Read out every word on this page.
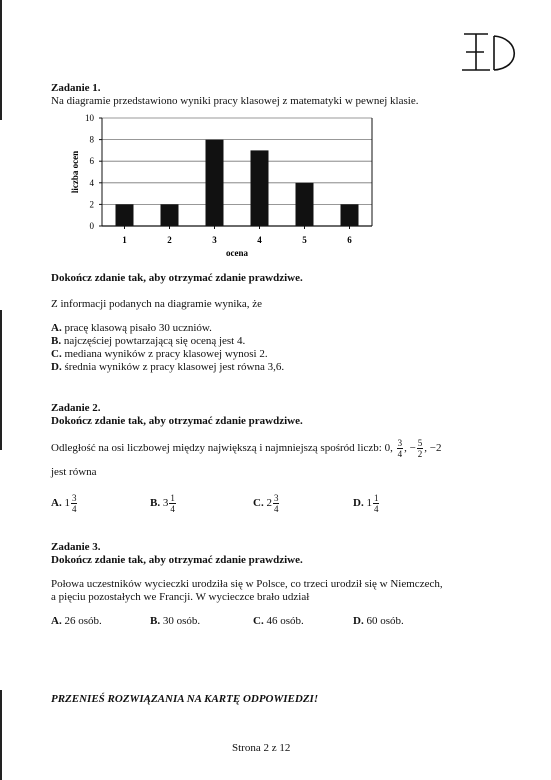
Zadanie 1.
Na diagramie przedstawiono wyniki pracy klasowej z matematyki w pewnej klasie.
0
2
4
6
8
10
1	2	3	4	5	6
ocena
liczba ocen
Dokończ zdanie tak, aby otrzymać zdanie prawdziwe.
Z informacji podanych na diagramie wynika, że
A. pracę klasową pisało 30 uczniów.
B. najczęściej powtarzającą się oceną jest 4.
C. mediana wyników z pracy klasowej wynosi 2.
D. średnia wyników z pracy klasowej jest równa 3,6.
Zadanie 2.
Dokończ zdanie tak, aby otrzymać zdanie prawdziwe.
Odległość na osi liczbowej między największą i najmniejszą spośród liczb: 0, $\frac{3}{4}$ , − $\frac{5}{2}$ , −2
jest równa
A. $1 \frac{3}{4}$	B. $3 \frac{1}{4}$	C. $2 \frac{3}{4}$	D. $1 \frac{1}{4}$
Zadanie 3.
Dokończ zdanie tak, aby otrzymać zdanie prawdziwe.
Połowa uczestników wycieczki urodziła się w Polsce, co trzeci urodził się w Niemczech,
a pięciu pozostałych we Francji. W wycieczce brało udział
A. 26 osób.	B. 30 osób.	C. 46 osób.	D. 60 osób.
PRZENIEŚ ROZWIĄZANIA NA KARTĘ ODPOWIEDZI!
Strona 2 z 12
